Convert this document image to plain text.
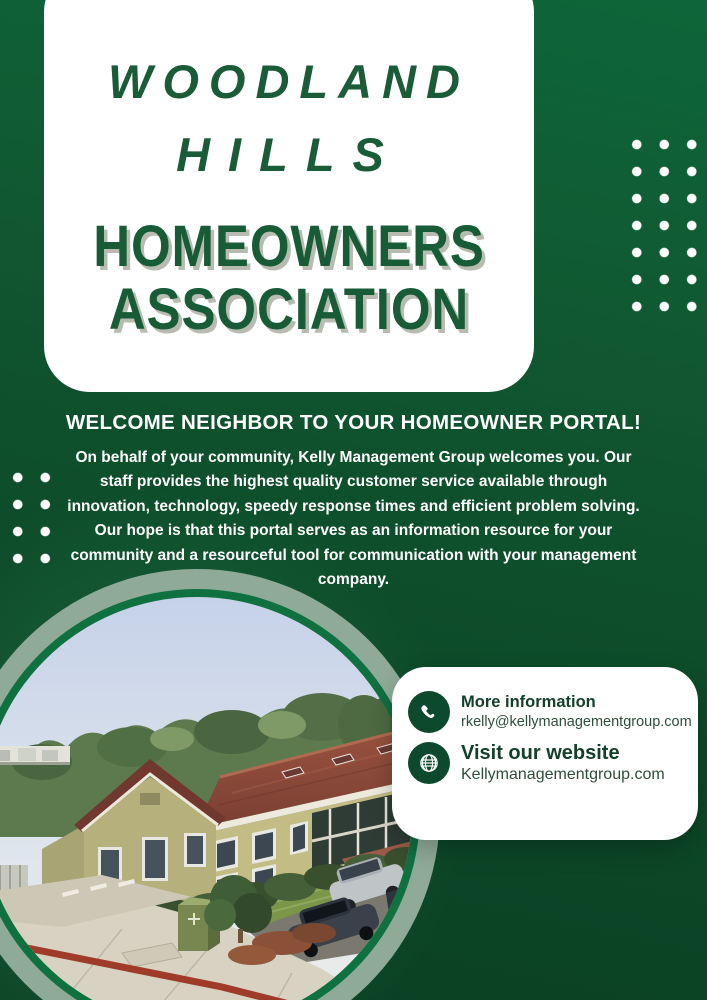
WOODLAND
HILLS
HOMEOWNERS
ASSOCIATION
WELCOME NEIGHBOR TO YOUR HOMEOWNER PORTAL!

On behalf of your community, Kelly Management Group welcomes you. Our staff provides the highest quality customer service available through innovation, technology, speedy response times and efficient problem solving. Our hope is that this portal serves as an information resource for your community and a resourceful tool for communication with your management company.

More information
rkelly@kellymanagementgroup.com
Visit our website
Kellymanagementgroup.com
